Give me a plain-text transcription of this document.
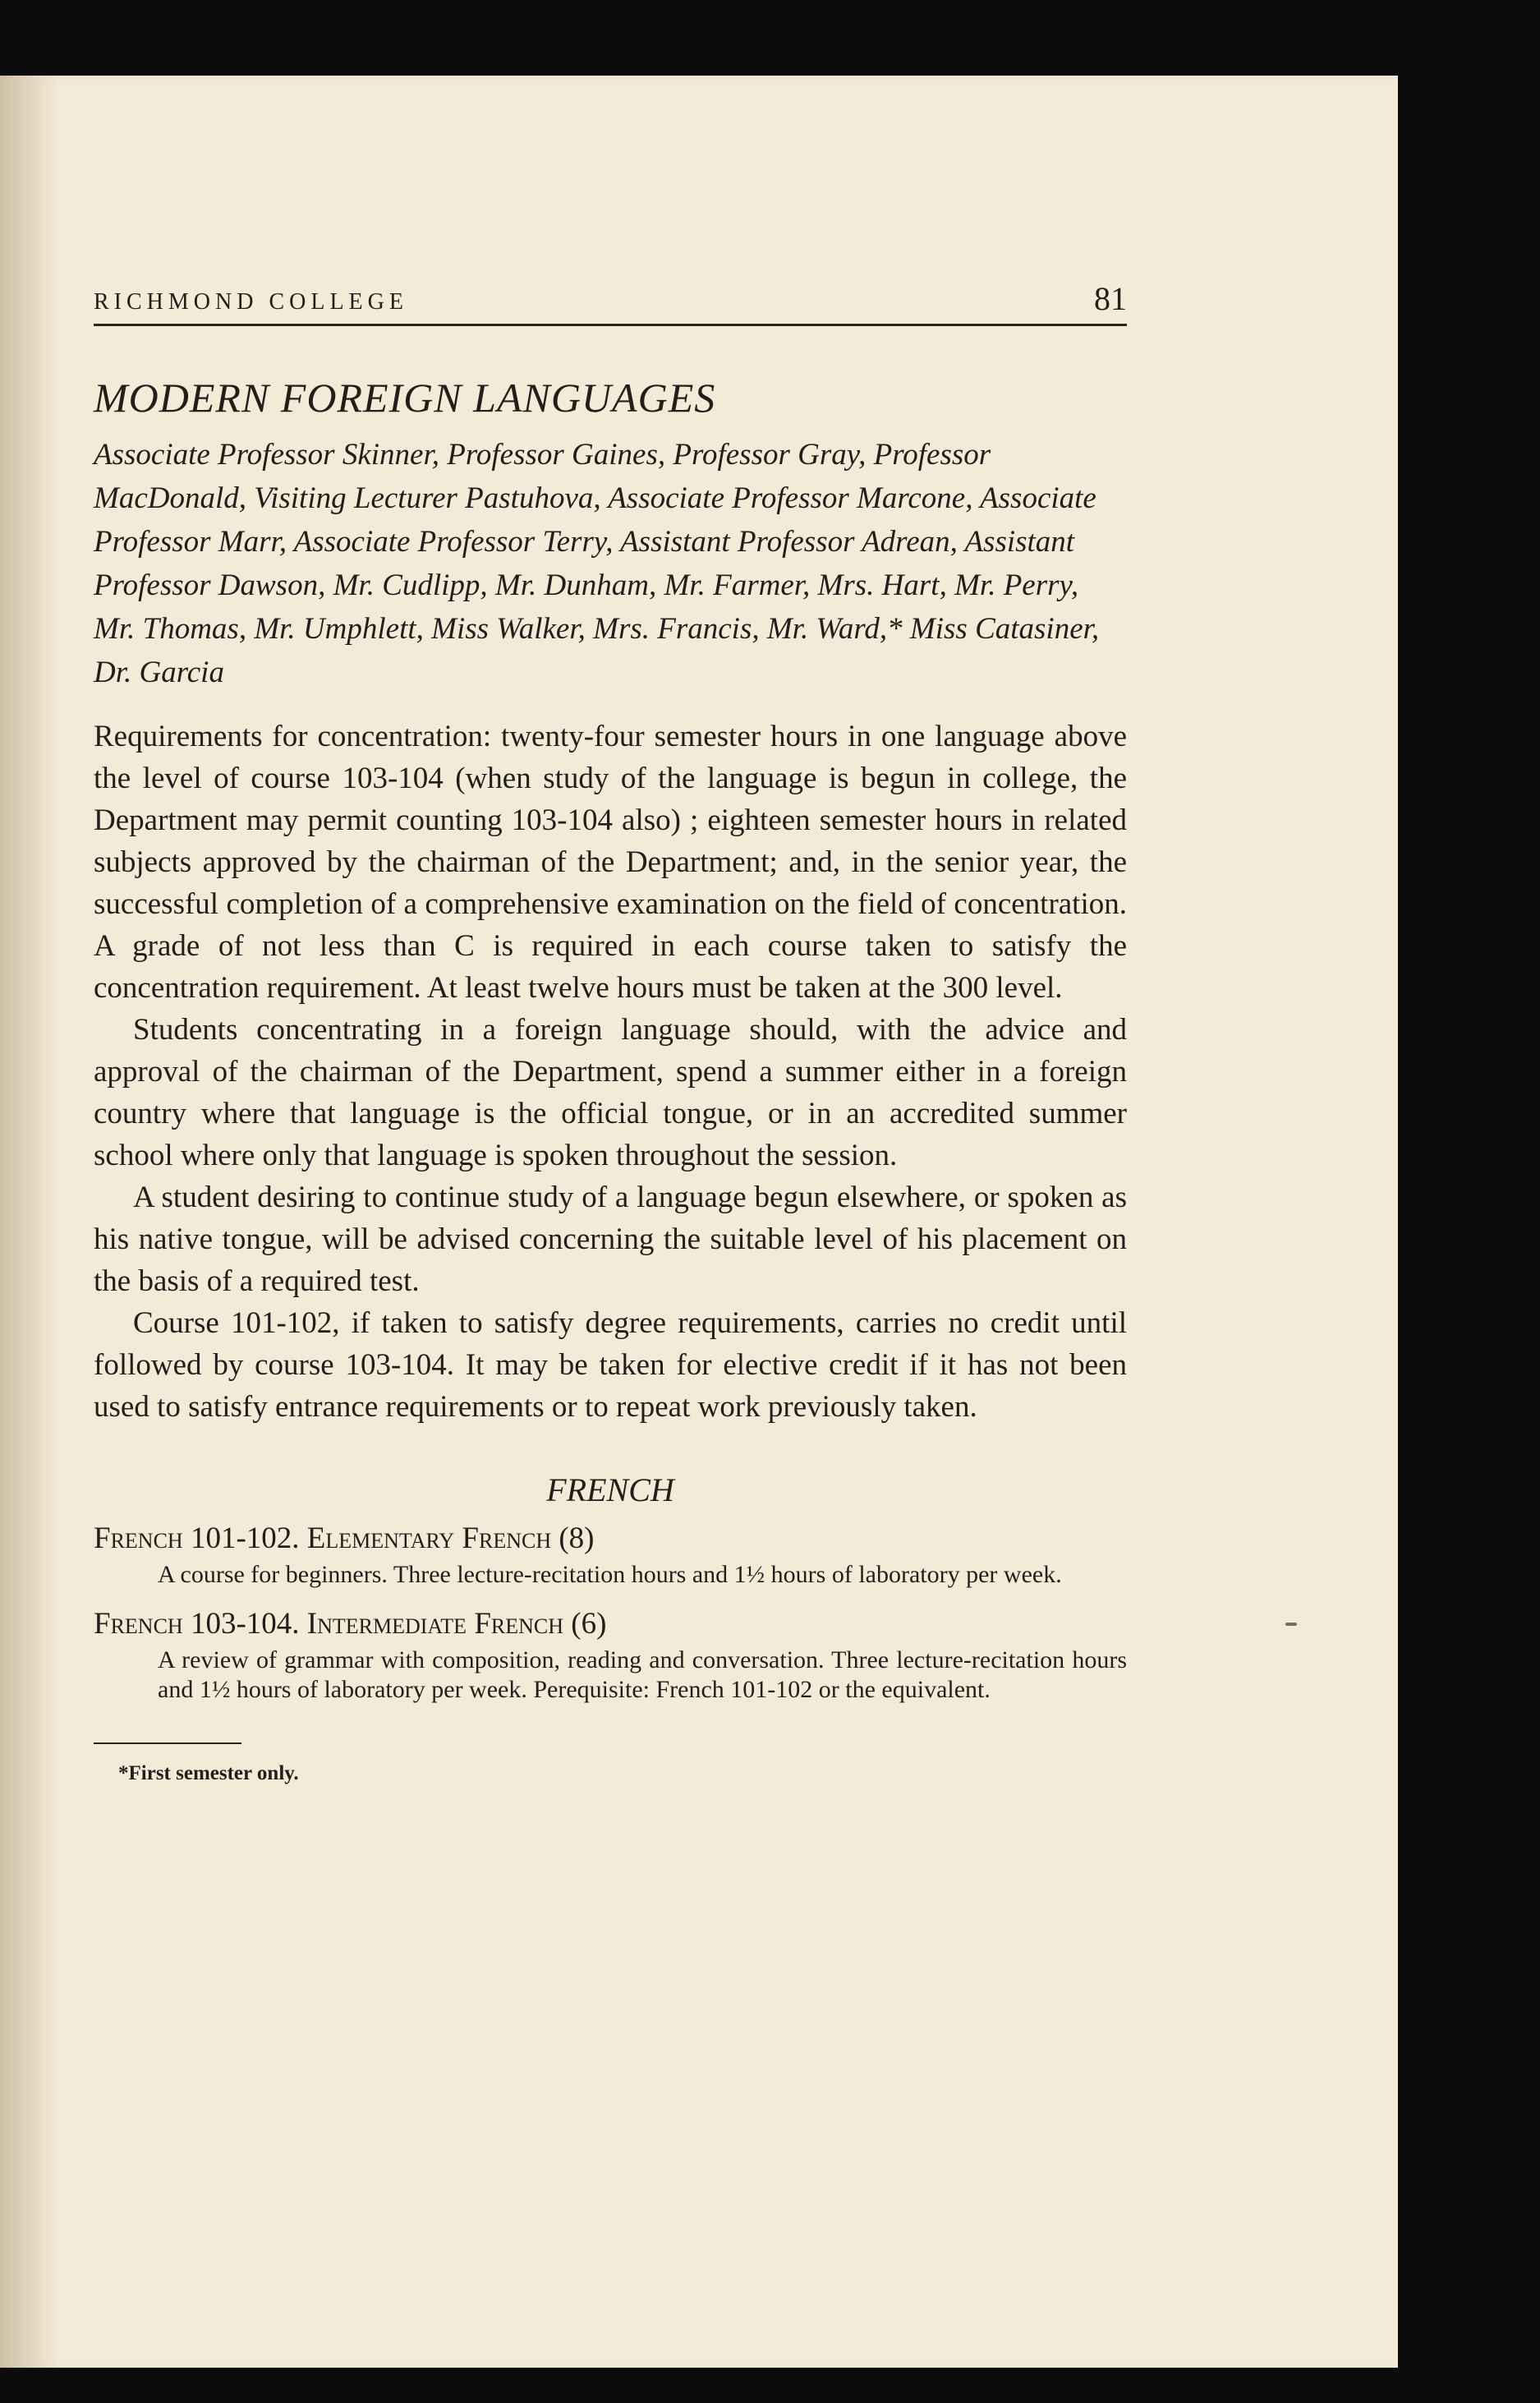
RICHMOND COLLEGE	81
MODERN FOREIGN LANGUAGES
Associate Professor Skinner, Professor Gaines, Professor Gray, Professor MacDonald, Visiting Lecturer Pastuhova, Associate Professor Marcone, Associate Professor Marr, Associate Professor Terry, Assistant Professor Adrean, Assistant Professor Dawson, Mr. Cudlipp, Mr. Dunham, Mr. Farmer, Mrs. Hart, Mr. Perry, Mr. Thomas, Mr. Umphlett, Miss Walker, Mrs. Francis, Mr. Ward,* Miss Catasiner, Dr. Garcia

Requirements for concentration: twenty-four semester hours in one language above the level of course 103-104 (when study of the language is begun in college, the Department may permit counting 103-104 also) ; eighteen semester hours in related subjects approved by the chairman of the Department; and, in the senior year, the successful completion of a comprehensive examination on the field of concentration. A grade of not less than C is required in each course taken to satisfy the concentration requirement. At least twelve hours must be taken at the 300 level.

Students concentrating in a foreign language should, with the advice and approval of the chairman of the Department, spend a summer either in a foreign country where that language is the official tongue, or in an accredited summer school where only that language is spoken throughout the session.

A student desiring to continue study of a language begun elsewhere, or spoken as his native tongue, will be advised concerning the suitable level of his placement on the basis of a required test.

Course 101-102, if taken to satisfy degree requirements, carries no credit until followed by course 103-104. It may be taken for elective credit if it has not been used to satisfy entrance requirements or to repeat work previously taken.

FRENCH
French 101-102. Elementary French (8)
A course for beginners. Three lecture-recitation hours and 1½ hours of laboratory per week.
French 103-104. Intermediate French (6)
A review of grammar with composition, reading and conversation. Three lecture-recitation hours and 1½ hours of laboratory per week. Perequisite: French 101-102 or the equivalent.
*First semester only.
